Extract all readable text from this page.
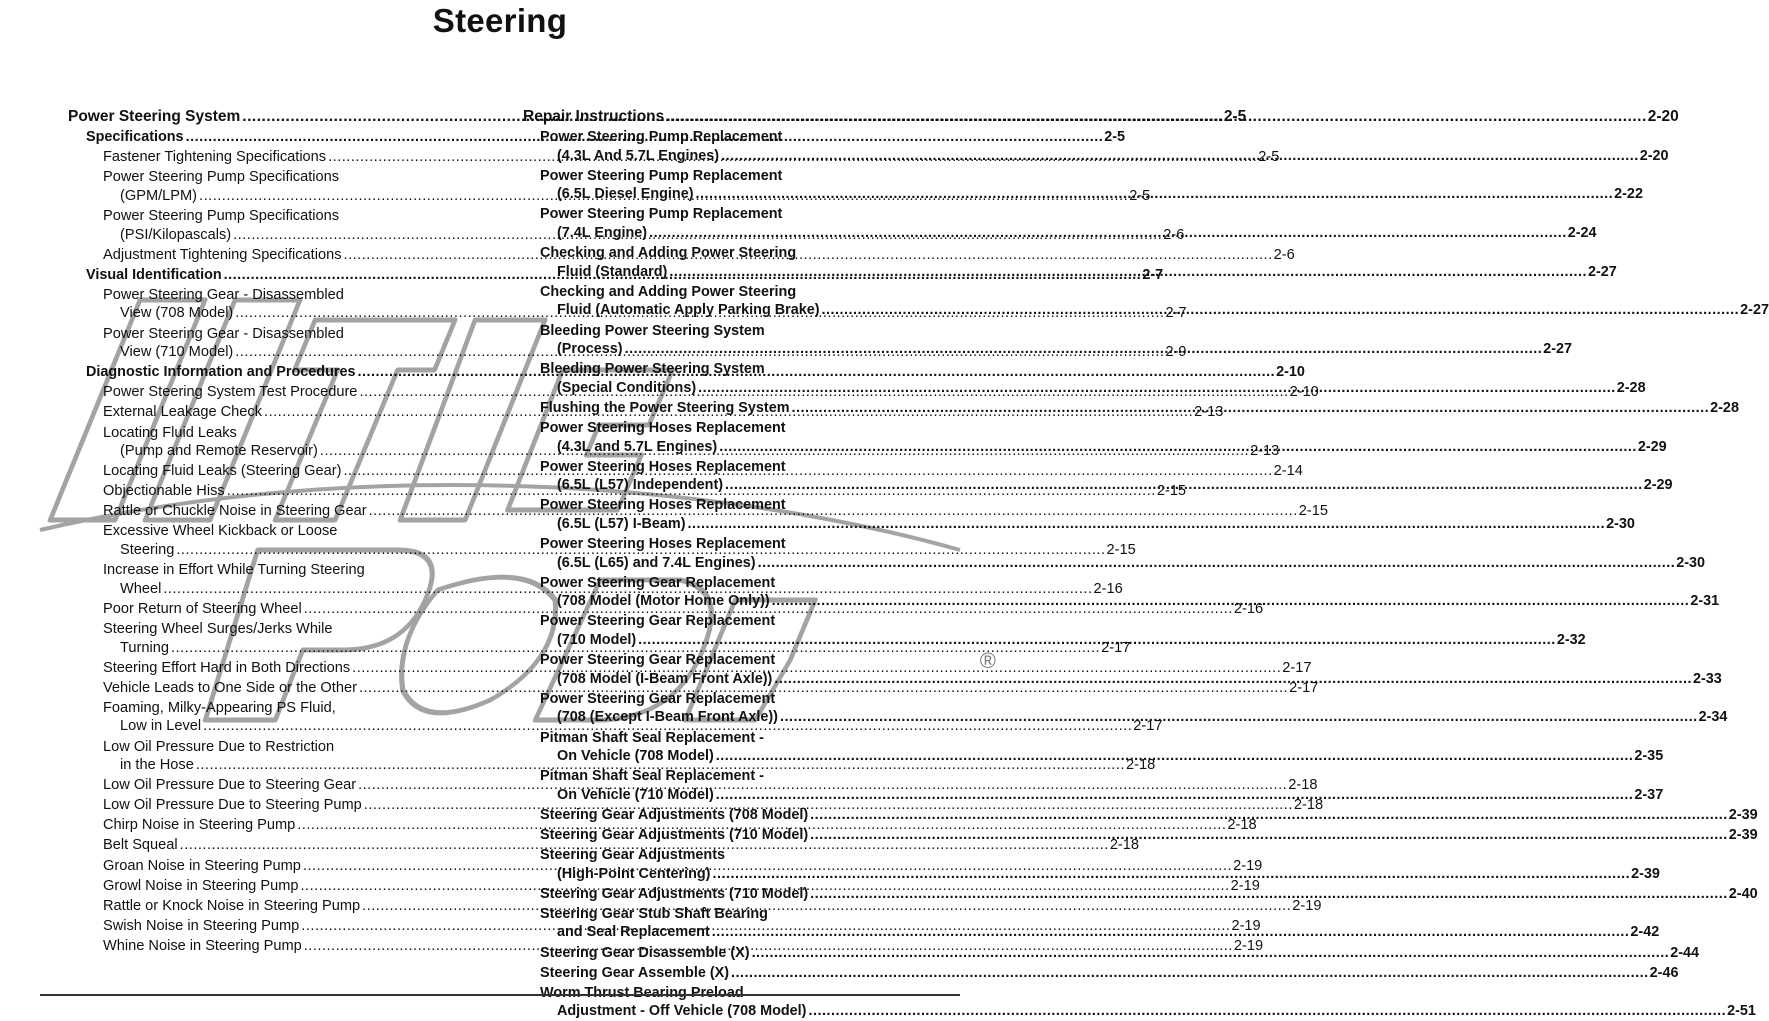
Steering
®
Power Steering System .....	2-5
Specifications .....	2-5
Fastener Tightening Specifications .....	2-5
Power Steering Pump Specifications
(GPM/LPM) .....	2-5
Power Steering Pump Specifications
(PSI/Kilopascals) .....	2-6
Adjustment Tightening Specifications .....	2-6
Visual Identification .....	2-7
Power Steering Gear - Disassembled
View (708 Model) .....	2-7
Power Steering Gear - Disassembled
View (710 Model) .....	2-9
Diagnostic Information and Procedures .....	2-10
Power Steering System Test Procedure .....	2-10
External Leakage Check .....	2-13
Locating Fluid Leaks
(Pump and Remote Reservoir) .....	2-13
Locating Fluid Leaks (Steering Gear) .....	2-14
Objectionable Hiss .....	2-15
Rattle or Chuckle Noise in Steering Gear .....	2-15
Excessive Wheel Kickback or Loose
Steering .....	2-15
Increase in Effort While Turning Steering
Wheel .....	2-16
Poor Return of Steering Wheel .....	2-16
Steering Wheel Surges/Jerks While
Turning .....	2-17
Steering Effort Hard in Both Directions .....	2-17
Vehicle Leads to One Side or the Other .....	2-17
Foaming, Milky-Appearing PS Fluid,
Low in Level .....	2-17
Low Oil Pressure Due to Restriction
in the Hose .....	2-18
Low Oil Pressure Due to Steering Gear .....	2-18
Low Oil Pressure Due to Steering Pump .....	2-18
Chirp Noise in Steering Pump .....	2-18
Belt Squeal .....	2-18
Groan Noise in Steering Pump .....	2-19
Growl Noise in Steering Pump .....	2-19
Rattle or Knock Noise in Steering Pump .....	2-19
Swish Noise in Steering Pump .....	2-19
Whine Noise in Steering Pump .....	2-19
Repair Instructions .....	2-20
Power Steering Pump Replacement
(4.3L And 5.7L Engines) .....	2-20
Power Steering Pump Replacement
(6.5L Diesel Engine) .....	2-22
Power Steering Pump Replacement
(7.4L Engine) .....	2-24
Checking and Adding Power Steering
Fluid (Standard) .....	2-27
Checking and Adding Power Steering
Fluid (Automatic Apply Parking Brake) .....	2-27
Bleeding Power Steering System
(Process) .....	2-27
Bleeding Power Steering System
(Special Conditions) .....	2-28
Flushing the Power Steering System .....	2-28
Power Steering Hoses Replacement
(4.3L and 5.7L Engines) .....	2-29
Power Steering Hoses Replacement
(6.5L (L57) Independent) .....	2-29
Power Steering Hoses Replacement
(6.5L (L57) I-Beam) .....	2-30
Power Steering Hoses Replacement
(6.5L (L65) and 7.4L Engines) .....	2-30
Power Steering Gear Replacement
(708 Model (Motor Home Only)) .....	2-31
Power Steering Gear Replacement
(710 Model) .....	2-32
Power Steering Gear Replacement
(708 Model (I-Beam Front Axle)) .....	2-33
Power Steering Gear Replacement
(708 (Except I-Beam Front Axle)) .....	2-34
Pitman Shaft Seal Replacement -
On Vehicle (708 Model) .....	2-35
Pitman Shaft Seal Replacement -
On Vehicle (710 Model) .....	2-37
Steering Gear Adjustments (708 Model) .....	2-39
Steering Gear Adjustments (710 Model) .....	2-39
Steering Gear Adjustments
(High-Point Centering) .....	2-39
Steering Gear Adjustments (710 Model) .....	2-40
Steering Gear Stub Shaft Bearing
and Seal Replacement .....	2-42
Steering Gear Disassemble (X) .....	2-44
Steering Gear Assemble (X) .....	2-46
Worm Thrust Bearing Preload
Adjustment - Off Vehicle (708 Model) .....	2-51
